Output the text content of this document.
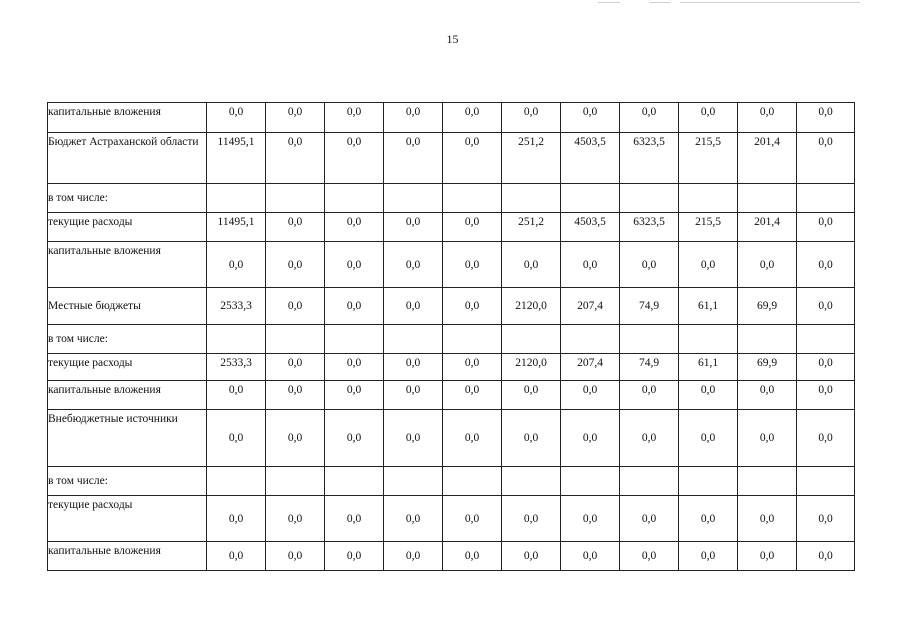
15
капитальные вложения	0,0	0,0	0,0	0,0	0,0	0,0	0,0	0,0	0,0	0,0	0,0
Бюджет Астраханской области	11495,1	0,0	0,0	0,0	0,0	251,2	4503,5	6323,5	215,5	201,4	0,0
в том числе:											
текущие расходы	11495,1	0,0	0,0	0,0	0,0	251,2	4503,5	6323,5	215,5	201,4	0,0
капитальные вложения	0,0	0,0	0,0	0,0	0,0	0,0	0,0	0,0	0,0	0,0	0,0
Местные бюджеты	2533,3	0,0	0,0	0,0	0,0	2120,0	207,4	74,9	61,1	69,9	0,0
в том числе:											
текущие расходы	2533,3	0,0	0,0	0,0	0,0	2120,0	207,4	74,9	61,1	69,9	0,0
капитальные вложения	0,0	0,0	0,0	0,0	0,0	0,0	0,0	0,0	0,0	0,0	0,0
Внебюджетные источники	0,0	0,0	0,0	0,0	0,0	0,0	0,0	0,0	0,0	0,0	0,0
в том числе:											
текущие расходы	0,0	0,0	0,0	0,0	0,0	0,0	0,0	0,0	0,0	0,0	0,0
капитальные вложения	0,0	0,0	0,0	0,0	0,0	0,0	0,0	0,0	0,0	0,0	0,0
